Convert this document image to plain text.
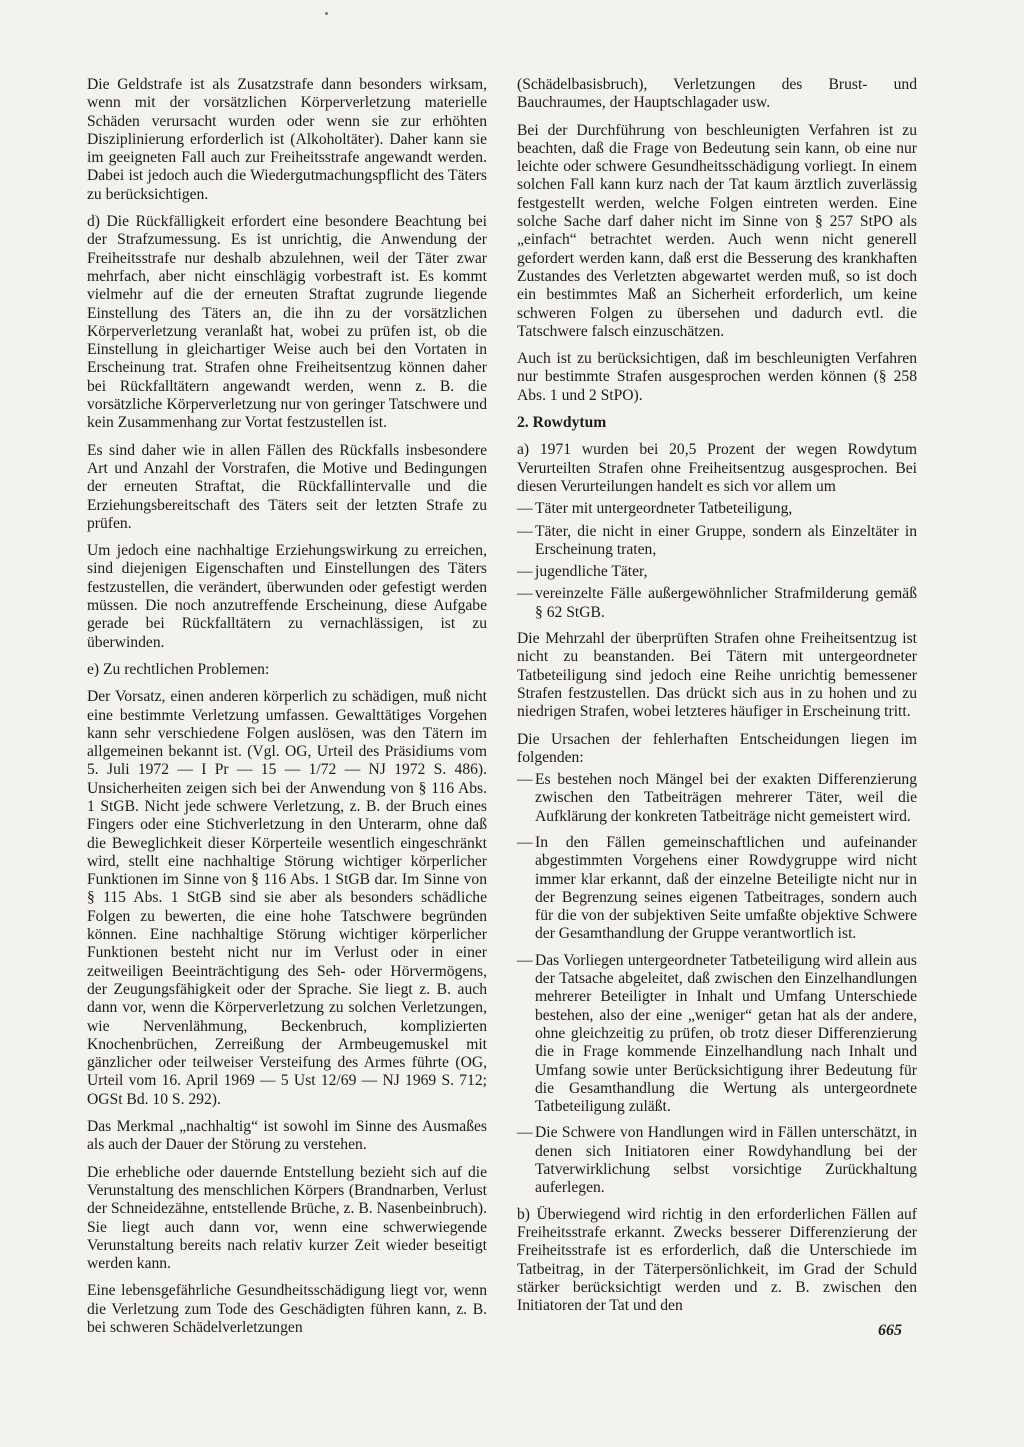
Die Geldstrafe ist als Zusatzstrafe dann besonders wirksam, wenn mit der vorsätzlichen Körperverletzung materielle Schäden verursacht wurden oder wenn sie zur erhöhten Disziplinierung erforderlich ist (Alkoholtäter). Daher kann sie im geeigneten Fall auch zur Freiheitsstrafe angewandt werden. Dabei ist jedoch auch die Wiedergutmachungspflicht des Täters zu berücksichtigen.

d) Die Rückfälligkeit erfordert eine besondere Beachtung bei der Strafzumessung. Es ist unrichtig, die Anwendung der Freiheitsstrafe nur deshalb abzulehnen, weil der Täter zwar mehrfach, aber nicht einschlägig vorbestraft ist. Es kommt vielmehr auf die der erneuten Straftat zugrunde liegende Einstellung des Täters an, die ihn zu der vorsätzlichen Körperverletzung veranlaßt hat, wobei zu prüfen ist, ob die Einstellung in gleichartiger Weise auch bei den Vortaten in Erscheinung trat. Strafen ohne Freiheitsentzug können daher bei Rückfalltätern angewandt werden, wenn z. B. die vorsätzliche Körperverletzung nur von geringer Tatschwere und kein Zusammenhang zur Vortat festzustellen ist.

Es sind daher wie in allen Fällen des Rückfalls insbesondere Art und Anzahl der Vorstrafen, die Motive und Bedingungen der erneuten Straftat, die Rückfallintervalle und die Erziehungsbereitschaft des Täters seit der letzten Strafe zu prüfen.

Um jedoch eine nachhaltige Erziehungswirkung zu erreichen, sind diejenigen Eigenschaften und Einstellungen des Täters festzustellen, die verändert, überwunden oder gefestigt werden müssen. Die noch anzutreffende Erscheinung, diese Aufgabe gerade bei Rückfalltätern zu vernachlässigen, ist zu überwinden.

e) Zu rechtlichen Problemen:

Der Vorsatz, einen anderen körperlich zu schädigen, muß nicht eine bestimmte Verletzung umfassen. Gewalttätiges Vorgehen kann sehr verschiedene Folgen auslösen, was den Tätern im allgemeinen bekannt ist. (Vgl. OG, Urteil des Präsidiums vom 5. Juli 1972 — I Pr — 15 — 1/72 — NJ 1972 S. 486). Unsicherheiten zeigen sich bei der Anwendung von § 116 Abs. 1 StGB. Nicht jede schwere Verletzung, z. B. der Bruch eines Fingers oder eine Stichverletzung in den Unterarm, ohne daß die Beweglichkeit dieser Körperteile wesentlich eingeschränkt wird, stellt eine nachhaltige Störung wichtiger körperlicher Funktionen im Sinne von § 116 Abs. 1 StGB dar. Im Sinne von § 115 Abs. 1 StGB sind sie aber als besonders schädliche Folgen zu bewerten, die eine hohe Tatschwere begründen können. Eine nachhaltige Störung wichtiger körperlicher Funktionen besteht nicht nur im Verlust oder in einer zeitweiligen Beeinträchtigung des Seh- oder Hörvermögens, der Zeugungsfähigkeit oder der Sprache. Sie liegt z. B. auch dann vor, wenn die Körperverletzung zu solchen Verletzungen, wie Nervenlähmung, Beckenbruch, komplizierten Knochenbrüchen, Zerreißung der Armbeugemuskel mit gänzlicher oder teilweiser Versteifung des Armes führte (OG, Urteil vom 16. April 1969 — 5 Ust 12/69 — NJ 1969 S. 712; OGSt Bd. 10 S. 292).

Das Merkmal „nachhaltig“ ist sowohl im Sinne des Ausmaßes als auch der Dauer der Störung zu verstehen.

Die erhebliche oder dauernde Entstellung bezieht sich auf die Verunstaltung des menschlichen Körpers (Brandnarben, Verlust der Schneidezähne, entstellende Brüche, z. B. Nasenbeinbruch). Sie liegt auch dann vor, wenn eine schwerwiegende Verunstaltung bereits nach relativ kurzer Zeit wieder beseitigt werden kann.

Eine lebensgefährliche Gesundheitsschädigung liegt vor, wenn die Verletzung zum Tode des Geschädigten führen kann, z. B. bei schweren Schädelverletzungen

(Schädelbasisbruch), Verletzungen des Brust- und Bauchraumes, der Hauptschlagader usw.

Bei der Durchführung von beschleunigten Verfahren ist zu beachten, daß die Frage von Bedeutung sein kann, ob eine nur leichte oder schwere Gesundheitsschädigung vorliegt. In einem solchen Fall kann kurz nach der Tat kaum ärztlich zuverlässig festgestellt werden, welche Folgen eintreten werden. Eine solche Sache darf daher nicht im Sinne von § 257 StPO als „einfach“ betrachtet werden. Auch wenn nicht generell gefordert werden kann, daß erst die Besserung des krankhaften Zustandes des Verletzten abgewartet werden muß, so ist doch ein bestimmtes Maß an Sicherheit erforderlich, um keine schweren Folgen zu übersehen und dadurch evtl. die Tatschwere falsch einzuschätzen.

Auch ist zu berücksichtigen, daß im beschleunigten Verfahren nur bestimmte Strafen ausgesprochen werden können (§ 258 Abs. 1 und 2 StPO).

2. Rowdytum

a) 1971 wurden bei 20,5 Prozent der wegen Rowdytum Verurteilten Strafen ohne Freiheitsentzug ausgesprochen. Bei diesen Verurteilungen handelt es sich vor allem um

— Täter mit untergeordneter Tatbeteiligung,
— Täter, die nicht in einer Gruppe, sondern als Einzeltäter in Erscheinung traten,
— jugendliche Täter,
— vereinzelte Fälle außergewöhnlicher Strafmilderung gemäß § 62 StGB.

Die Mehrzahl der überprüften Strafen ohne Freiheitsentzug ist nicht zu beanstanden. Bei Tätern mit untergeordneter Tatbeteiligung sind jedoch eine Reihe unrichtig bemessener Strafen festzustellen. Das drückt sich aus in zu hohen und zu niedrigen Strafen, wobei letzteres häufiger in Erscheinung tritt.

Die Ursachen der fehlerhaften Entscheidungen liegen im folgenden:

— Es bestehen noch Mängel bei der exakten Differenzierung zwischen den Tatbeiträgen mehrerer Täter, weil die Aufklärung der konkreten Tatbeiträge nicht gemeistert wird.
— In den Fällen gemeinschaftlichen und aufeinander abgestimmten Vorgehens einer Rowdygruppe wird nicht immer klar erkannt, daß der einzelne Beteiligte nicht nur in der Begrenzung seines eigenen Tatbeitrages, sondern auch für die von der subjektiven Seite umfaßte objektive Schwere der Gesamthandlung der Gruppe verantwortlich ist.
— Das Vorliegen untergeordneter Tatbeteiligung wird allein aus der Tatsache abgeleitet, daß zwischen den Einzelhandlungen mehrerer Beteiligter in Inhalt und Umfang Unterschiede bestehen, also der eine „weniger“ getan hat als der andere, ohne gleichzeitig zu prüfen, ob trotz dieser Differenzierung die in Frage kommende Einzelhandlung nach Inhalt und Umfang sowie unter Berücksichtigung ihrer Bedeutung für die Gesamthandlung die Wertung als untergeordnete Tatbeteiligung zuläßt.
— Die Schwere von Handlungen wird in Fällen unterschätzt, in denen sich Initiatoren einer Rowdyhandlung bei der Tatverwirklichung selbst vorsichtige Zurückhaltung auferlegen.

b) Überwiegend wird richtig in den erforderlichen Fällen auf Freiheitsstrafe erkannt. Zwecks besserer Differenzierung der Freiheitsstrafe ist es erforderlich, daß die Unterschiede im Tatbeitrag, in der Täterpersönlichkeit, im Grad der Schuld stärker berücksichtigt werden und z. B. zwischen den Initiatoren der Tat und den

665
